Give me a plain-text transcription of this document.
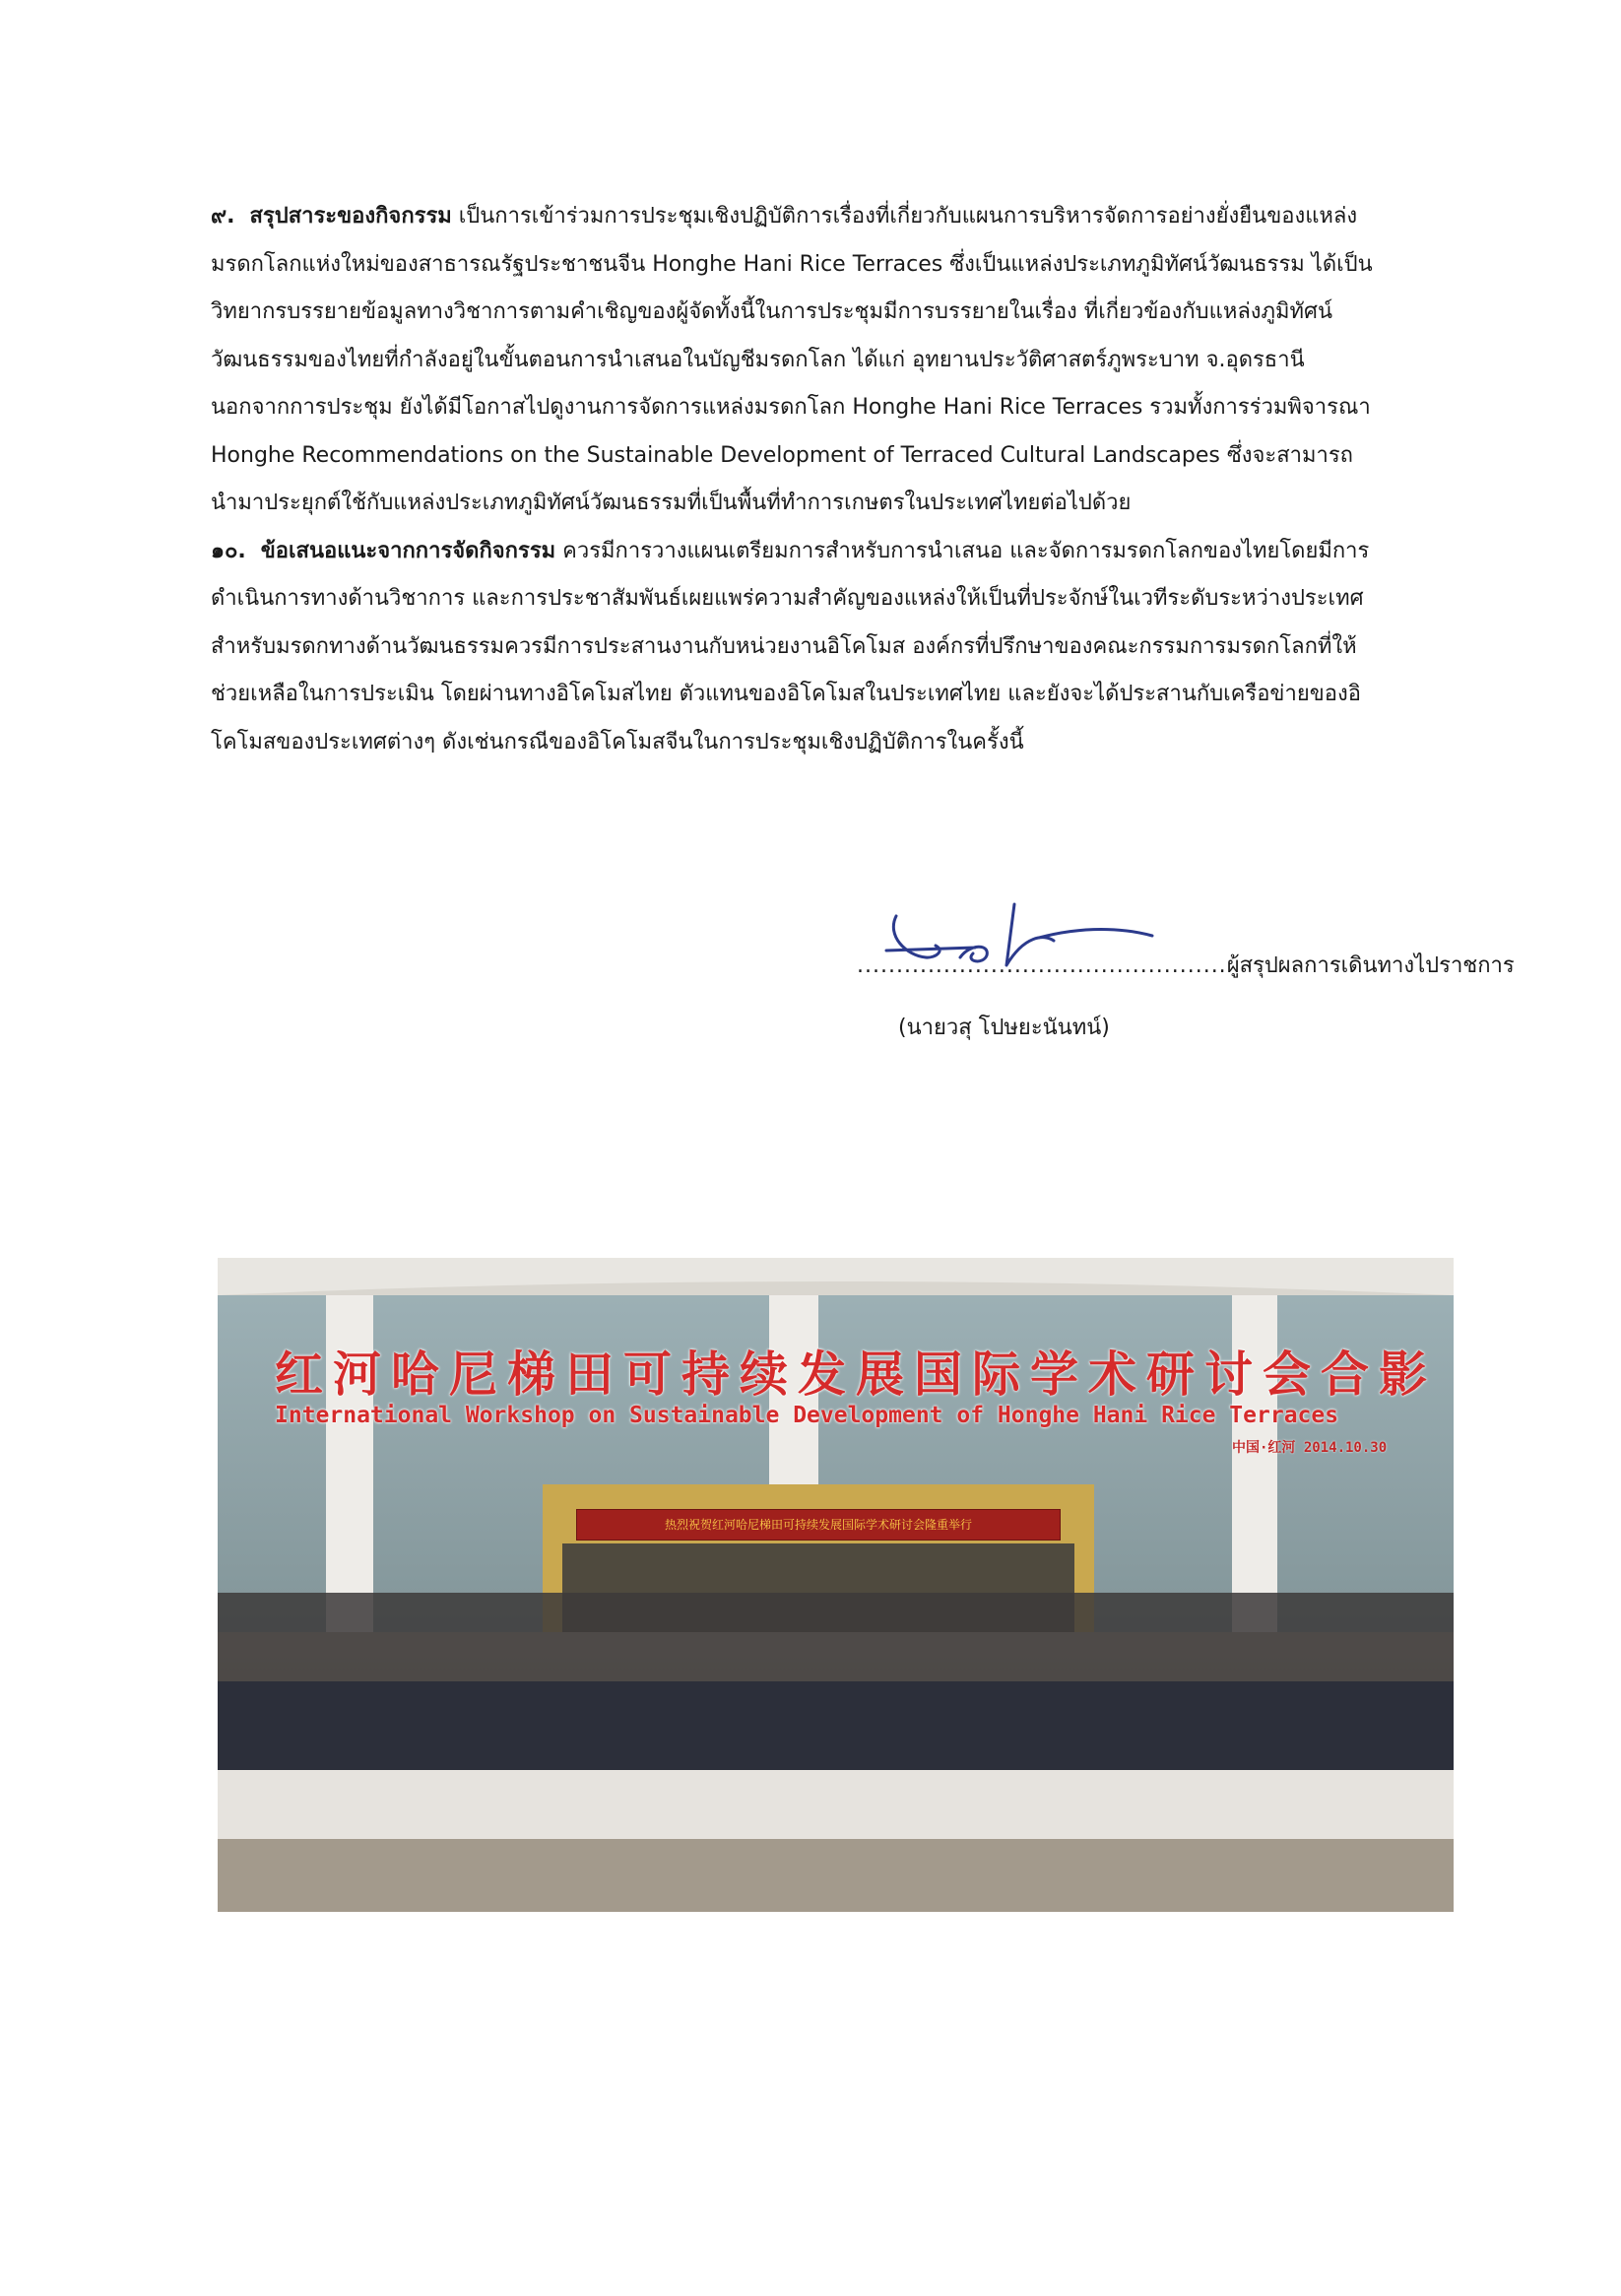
๙. สรุปสาระของกิจกรรม เป็นการเข้าร่วมการประชุมเชิงปฏิบัติการเรื่องที่เกี่ยวกับแผนการบริหารจัดการอย่างยั่งยืนของแหล่ง

มรดกโลกแห่งใหม่ของสาธารณรัฐประชาชนจีน Honghe Hani Rice Terraces ซึ่งเป็นแหล่งประเภทภูมิทัศน์วัฒนธรรม ได้เป็น

วิทยากรบรรยายข้อมูลทางวิชาการตามคำเชิญของผู้จัดทั้งนี้ในการประชุมมีการบรรยายในเรื่อง ที่เกี่ยวข้องกับแหล่งภูมิทัศน์

วัฒนธรรมของไทยที่กำลังอยู่ในขั้นตอนการนำเสนอในบัญชีมรดกโลก ได้แก่ อุทยานประวัติศาสตร์ภูพระบาท จ.อุดรธานี

นอกจากการประชุม ยังได้มีโอกาสไปดูงานการจัดการแหล่งมรดกโลก Honghe Hani Rice Terraces รวมทั้งการร่วมพิจารณา

Honghe Recommendations on the Sustainable Development of Terraced Cultural Landscapes ซึ่งจะสามารถ

นำมาประยุกต์ใช้กับแหล่งประเภทภูมิทัศน์วัฒนธรรมที่เป็นพื้นที่ทำการเกษตรในประเทศไทยต่อไปด้วย

๑๐. ข้อเสนอแนะจากการจัดกิจกรรม ควรมีการวางแผนเตรียมการสำหรับการนำเสนอ และจัดการมรดกโลกของไทยโดยมีการ

ดำเนินการทางด้านวิชาการ และการประชาสัมพันธ์เผยแพร่ความสำคัญของแหล่งให้เป็นที่ประจักษ์ในเวทีระดับระหว่างประเทศ

สำหรับมรดกทางด้านวัฒนธรรมควรมีการประสานงานกับหน่วยงานอิโคโมส องค์กรที่ปรึกษาของคณะกรรมการมรดกโลกที่ให้

ช่วยเหลือในการประเมิน โดยผ่านทางอิโคโมสไทย ตัวแทนของอิโคโมสในประเทศไทย และยังจะได้ประสานกับเครือข่ายของอิ

โคโมสของประเทศต่างๆ ดังเช่นกรณีของอิโคโมสจีนในการประชุมเชิงปฏิบัติการในครั้งนี้

...............................................ผู้สรุปผลการเดินทางไปราชการ
(นายวสุ โปษยะนันทน์)
红河哈尼梯田可持续发展国际学术研讨会合影
International Workshop on Sustainable Development of Honghe Hani Rice Terraces
中国·红河 2014.10.30
热烈祝贺红河哈尼梯田可持续发展国际学术研讨会隆重举行
